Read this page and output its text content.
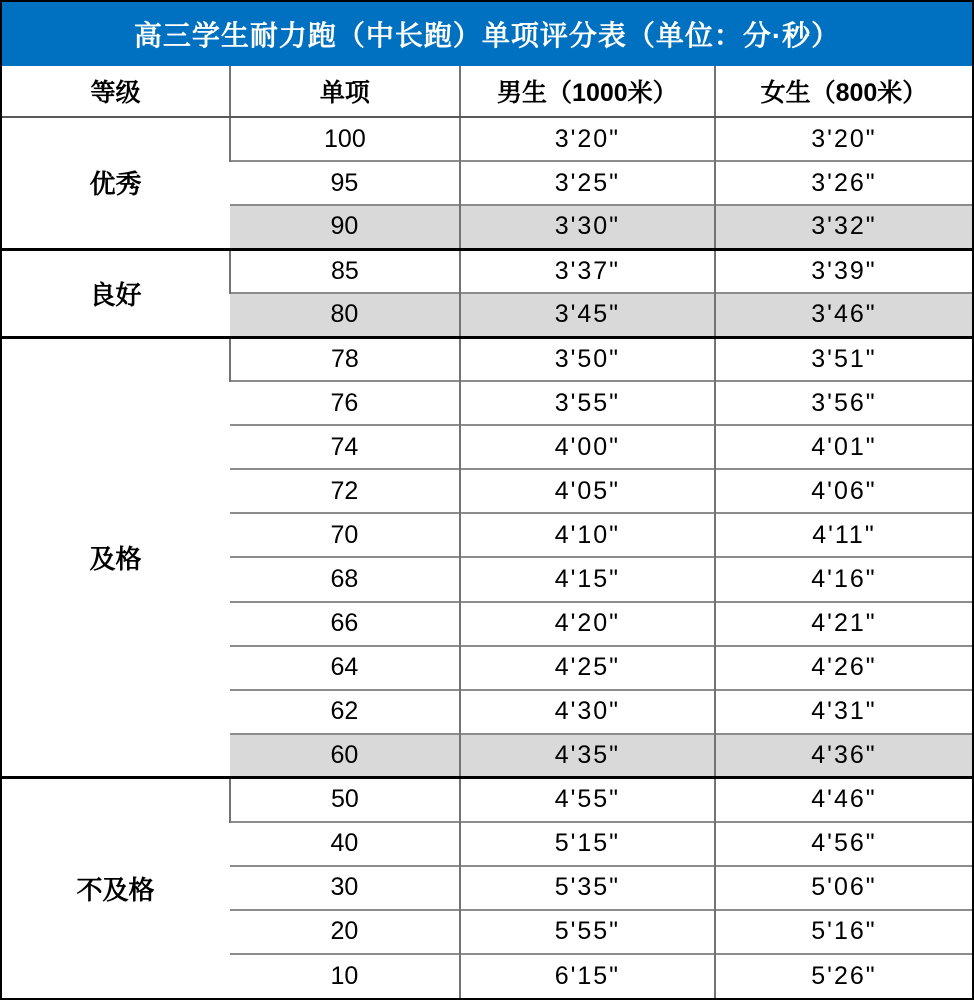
高三学生耐力跑（中长跑）单项评分表（单位：分·秒）
等级	单项	男生（1000米）	女生（800米）
优秀	100	3'20"	3'20"
	95	3'25"	3'26"
	90	3'30"	3'32"
良好	85	3'37"	3'39"
	80	3'45"	3'46"
及格	78	3'50"	3'51"
	76	3'55"	3'56"
	74	4'00"	4'01"
	72	4'05"	4'06"
	70	4'10"	4'11"
	68	4'15"	4'16"
	66	4'20"	4'21"
	64	4'25"	4'26"
	62	4'30"	4'31"
	60	4'35"	4'36"
不及格	50	4'55"	4'46"
	40	5'15"	4'56"
	30	5'35"	5'06"
	20	5'55"	5'16"
	10	6'15"	5'26"
